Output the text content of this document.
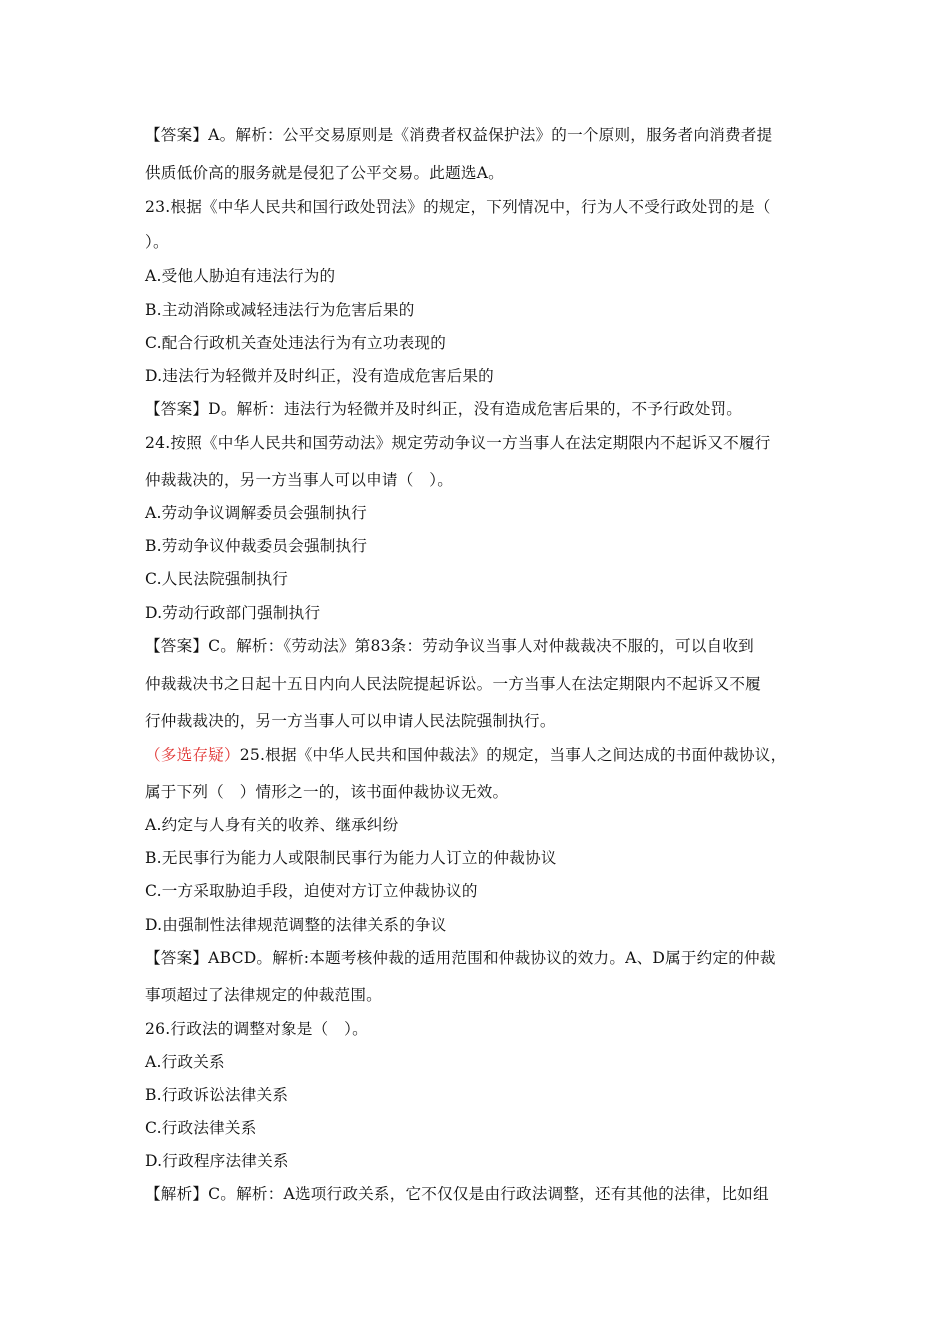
【答案】A。解析：公平交易原则是《消费者权益保护法》的一个原则，服务者向消费者提
供质低价高的服务就是侵犯了公平交易。此题选A。
23.根据《中华人民共和国行政处罚法》的规定，下列情况中，行为人不受行政处罚的是（
）。
A.受他人胁迫有违法行为的
B.主动消除或减轻违法行为危害后果的
C.配合行政机关查处违法行为有立功表现的
D.违法行为轻微并及时纠正，没有造成危害后果的
【答案】D。解析：违法行为轻微并及时纠正，没有造成危害后果的，不予行政处罚。
24.按照《中华人民共和国劳动法》规定劳动争议一方当事人在法定期限内不起诉又不履行
仲裁裁决的，另一方当事人可以申请（　）。
A.劳动争议调解委员会强制执行
B.劳动争议仲裁委员会强制执行
C.人民法院强制执行
D.劳动行政部门强制执行
【答案】C。解析：《劳动法》第83条：劳动争议当事人对仲裁裁决不服的，可以自收到
仲裁裁决书之日起十五日内向人民法院提起诉讼。一方当事人在法定期限内不起诉又不履
行仲裁裁决的，另一方当事人可以申请人民法院强制执行。
（多选存疑）25.根据《中华人民共和国仲裁法》的规定，当事人之间达成的书面仲裁协议，
属于下列（　）情形之一的，该书面仲裁协议无效。
A.约定与人身有关的收养、继承纠纷
B.无民事行为能力人或限制民事行为能力人订立的仲裁协议
C.一方采取胁迫手段，迫使对方订立仲裁协议的
D.由强制性法律规范调整的法律关系的争议
【答案】ABCD。解析:本题考核仲裁的适用范围和仲裁协议的效力。A、D属于约定的仲裁
事项超过了法律规定的仲裁范围。
26.行政法的调整对象是（　）。
A.行政关系
B.行政诉讼法律关系
C.行政法律关系
D.行政程序法律关系
【解析】C。解析：A选项行政关系，它不仅仅是由行政法调整，还有其他的法律，比如组
